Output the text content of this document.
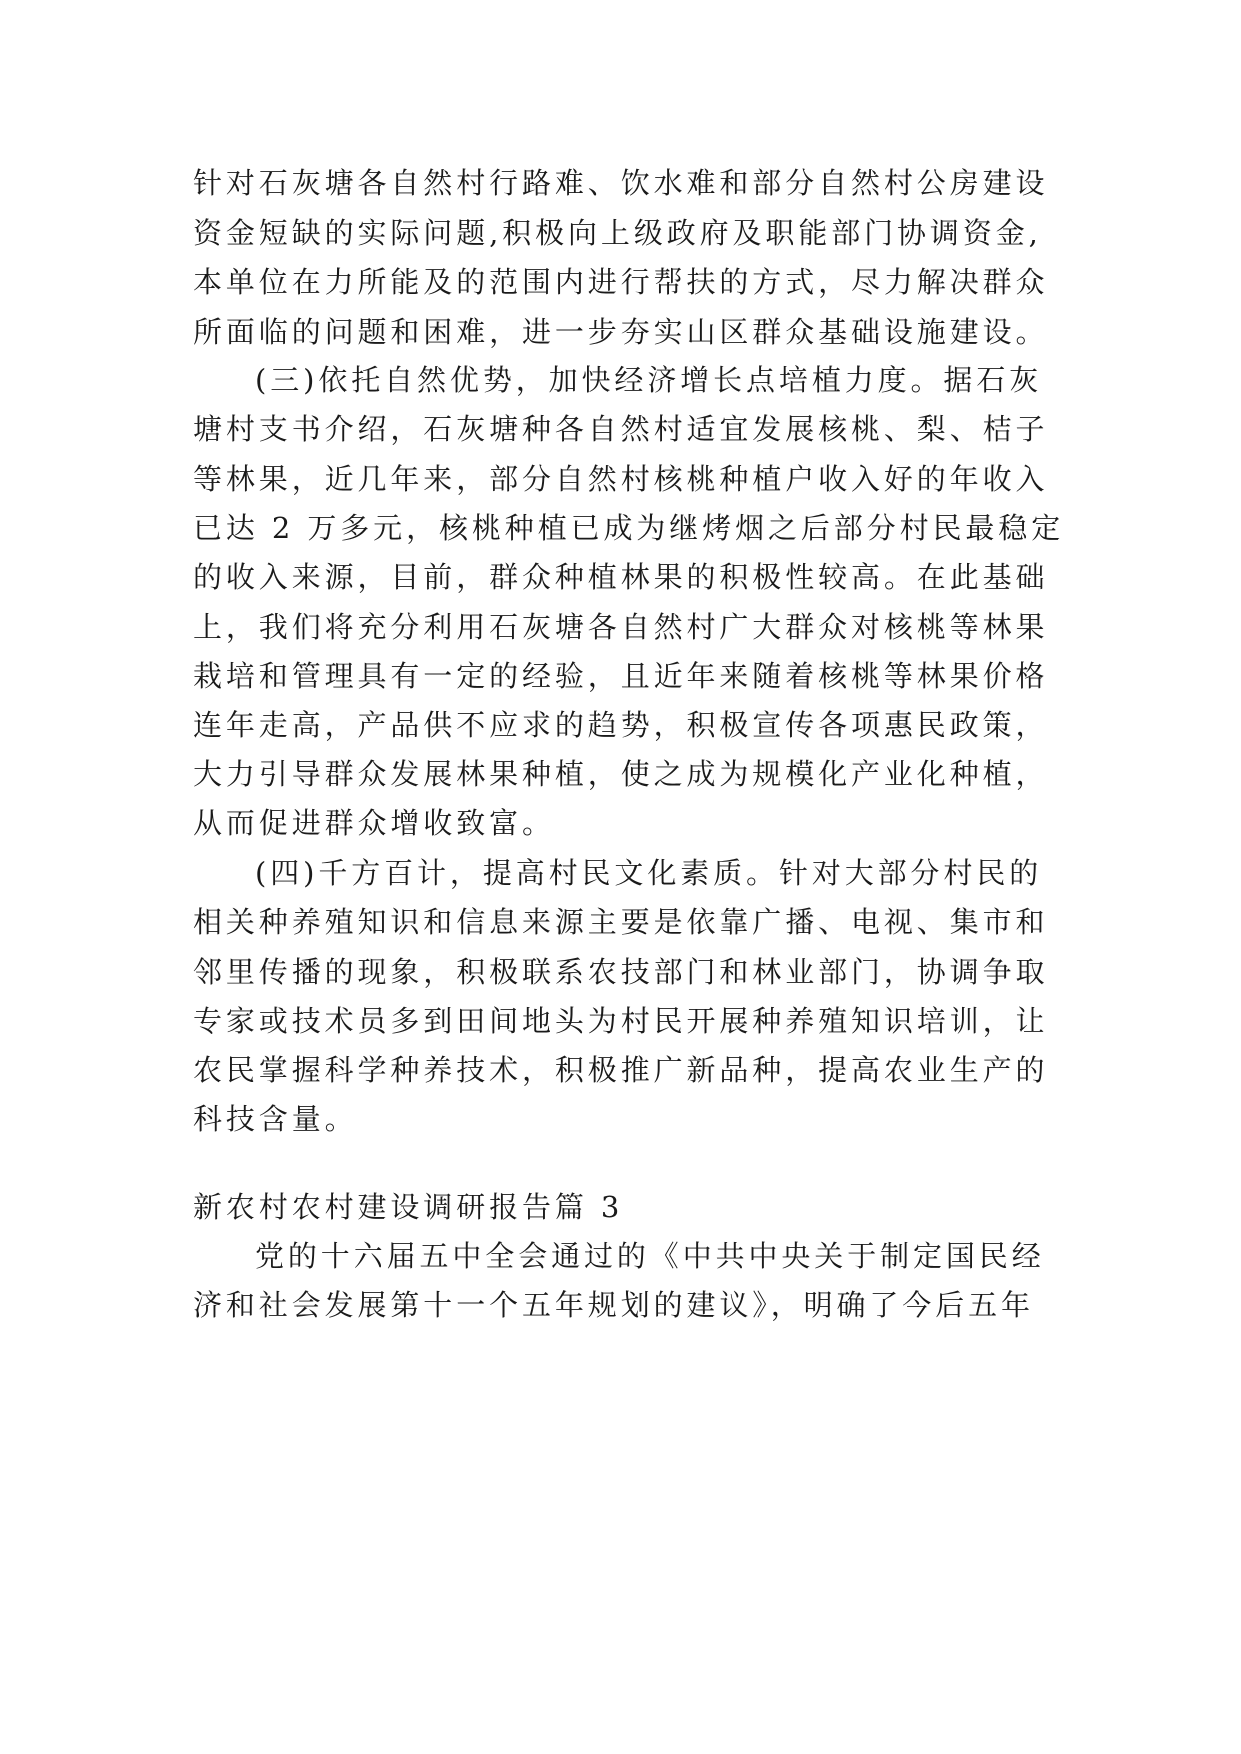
针对石灰塘各自然村行路难、饮水难和部分自然村公房建设
资金短缺的实际问题,积极向上级政府及职能部门协调资金,
本单位在力所能及的范围内进行帮扶的方式，尽力解决群众
所面临的问题和困难，进一步夯实山区群众基础设施建设。
(三)依托自然优势，加快经济增长点培植力度。据石灰
塘村支书介绍，石灰塘种各自然村适宜发展核桃、梨、桔子
等林果，近几年来，部分自然村核桃种植户收入好的年收入
已达 2 万多元，核桃种植已成为继烤烟之后部分村民最稳定
的收入来源，目前，群众种植林果的积极性较高。在此基础
上，我们将充分利用石灰塘各自然村广大群众对核桃等林果
栽培和管理具有一定的经验，且近年来随着核桃等林果价格
连年走高，产品供不应求的趋势，积极宣传各项惠民政策，
大力引导群众发展林果种植，使之成为规模化产业化种植，
从而促进群众增收致富。
(四)千方百计，提高村民文化素质。针对大部分村民的
相关种养殖知识和信息来源主要是依靠广播、电视、集市和
邻里传播的现象，积极联系农技部门和林业部门，协调争取
专家或技术员多到田间地头为村民开展种养殖知识培训，让
农民掌握科学种养技术，积极推广新品种，提高农业生产的
科技含量。
新农村农村建设调研报告篇 3
党的十六届五中全会通过的《中共中央关于制定国民经
济和社会发展第十一个五年规划的建议》，明确了今后五年
